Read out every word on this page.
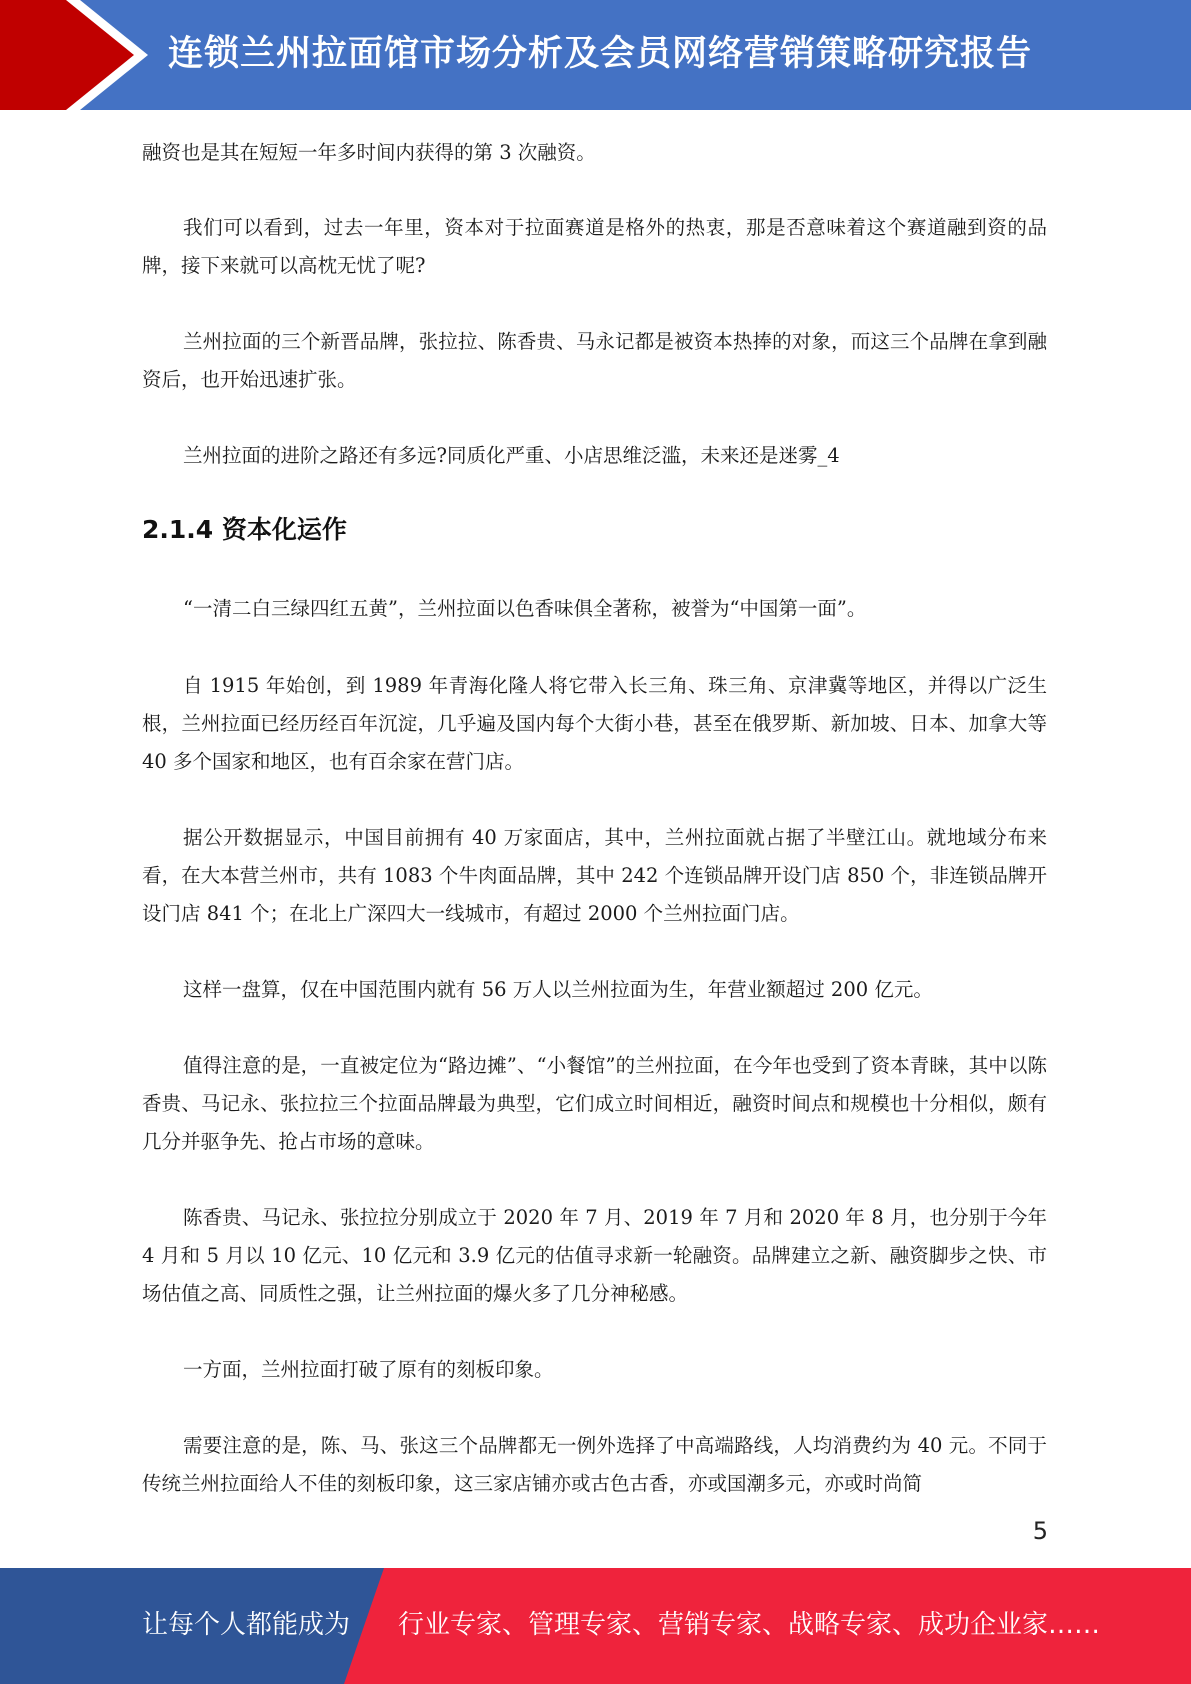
连锁兰州拉面馆市场分析及会员网络营销策略研究报告

融资也是其在短短一年多时间内获得的第 3 次融资。

我们可以看到，过去一年里，资本对于拉面赛道是格外的热衷，那是否意味着这个赛道融到资的品牌，接下来就可以高枕无忧了呢?

兰州拉面的三个新晋品牌，张拉拉、陈香贵、马永记都是被资本热捧的对象，而这三个品牌在拿到融资后，也开始迅速扩张。

兰州拉面的进阶之路还有多远?同质化严重、小店思维泛滥，未来还是迷雾_4

2.1.4 资本化运作

“一清二白三绿四红五黄”，兰州拉面以色香味俱全著称，被誉为“中国第一面”。

自 1915 年始创，到 1989 年青海化隆人将它带入长三角、珠三角、京津冀等地区，并得以广泛生根，兰州拉面已经历经百年沉淀，几乎遍及国内每个大街小巷，甚至在俄罗斯、新加坡、日本、加拿大等 40 多个国家和地区，也有百余家在营门店。

据公开数据显示，中国目前拥有 40 万家面店，其中，兰州拉面就占据了半壁江山。就地域分布来看，在大本营兰州市，共有 1083 个牛肉面品牌，其中 242 个连锁品牌开设门店 850 个，非连锁品牌开设门店 841 个；在北上广深四大一线城市，有超过 2000 个兰州拉面门店。

这样一盘算，仅在中国范围内就有 56 万人以兰州拉面为生，年营业额超过 200 亿元。

值得注意的是，一直被定位为“路边摊”、“小餐馆”的兰州拉面，在今年也受到了资本青睐，其中以陈香贵、马记永、张拉拉三个拉面品牌最为典型，它们成立时间相近，融资时间点和规模也十分相似，颇有几分并驱争先、抢占市场的意味。

陈香贵、马记永、张拉拉分别成立于 2020 年 7 月、2019 年 7 月和 2020 年 8 月，也分别于今年 4 月和 5 月以 10 亿元、10 亿元和 3.9 亿元的估值寻求新一轮融资。品牌建立之新、融资脚步之快、市场估值之高、同质性之强，让兰州拉面的爆火多了几分神秘感。

一方面，兰州拉面打破了原有的刻板印象。

需要注意的是，陈、马、张这三个品牌都无一例外选择了中高端路线，人均消费约为 40 元。不同于传统兰州拉面给人不佳的刻板印象，这三家店铺亦或古色古香，亦或国潮多元，亦或时尚简

5
让每个人都能成为 行业专家、管理专家、营销专家、战略专家、成功企业家……
